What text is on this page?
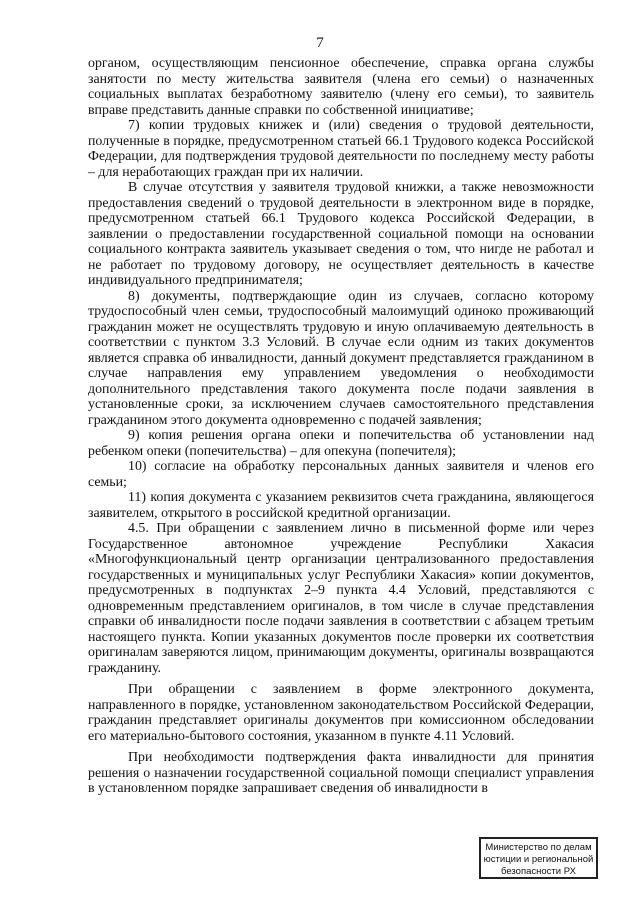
7

органом, осуществляющим пенсионное обеспечение, справка органа службы занятости по месту жительства заявителя (члена его семьи) о назначенных социальных выплатах безработному заявителю (члену его семьи), то заявитель вправе представить данные справки по собственной инициативе;

7) копии трудовых книжек и (или) сведения о трудовой деятельности, полученные в порядке, предусмотренном статьей 66.1 Трудового кодекса Российской Федерации, для подтверждения трудовой деятельности по последнему месту работы – для неработающих граждан при их наличии.

В случае отсутствия у заявителя трудовой книжки, а также невозможности предоставления сведений о трудовой деятельности в электронном виде в порядке, предусмотренном статьей 66.1 Трудового кодекса Российской Федерации, в заявлении о предоставлении государственной социальной помощи на основании социального контракта заявитель указывает сведения о том, что нигде не работал и не работает по трудовому договору, не осуществляет деятельность в качестве индивидуального предпринимателя;

8) документы, подтверждающие один из случаев, согласно которому трудоспособный член семьи, трудоспособный малоимущий одиноко проживающий гражданин может не осуществлять трудовую и иную оплачиваемую деятельность в соответствии с пунктом 3.3 Условий. В случае если одним из таких документов является справка об инвалидности, данный документ представляется гражданином в случае направления ему управлением уведомления о необходимости дополнительного представления такого документа после подачи заявления в установленные сроки, за исключением случаев самостоятельного представления гражданином этого документа одновременно с подачей заявления;

9) копия решения органа опеки и попечительства об установлении над ребенком опеки (попечительства) – для опекуна (попечителя);

10) согласие на обработку персональных данных заявителя и членов его семьи;

11) копия документа с указанием реквизитов счета гражданина, являющегося заявителем, открытого в российской кредитной организации.

4.5. При обращении с заявлением лично в письменной форме или через Государственное автономное учреждение Республики Хакасия «Многофункциональный центр организации централизованного предоставления государственных и муниципальных услуг Республики Хакасия» копии документов, предусмотренных в подпунктах 2–9 пункта 4.4 Условий, представляются с одновременным представлением оригиналов, в том числе в случае представления справки об инвалидности после подачи заявления в соответствии с абзацем третьим настоящего пункта. Копии указанных документов после проверки их соответствия оригиналам заверяются лицом, принимающим документы, оригиналы возвращаются гражданину.

При обращении с заявлением в форме электронного документа, направленного в порядке, установленном законодательством Российской Федерации, гражданин представляет оригиналы документов при комиссионном обследовании его материально-бытового состояния, указанном в пункте 4.11 Условий.

При необходимости подтверждения факта инвалидности для принятия решения о назначении государственной социальной помощи специалист управления в установленном порядке запрашивает сведения об инвалидности в

Министерство по делам
юстиции и региональной
безопасности РХ
